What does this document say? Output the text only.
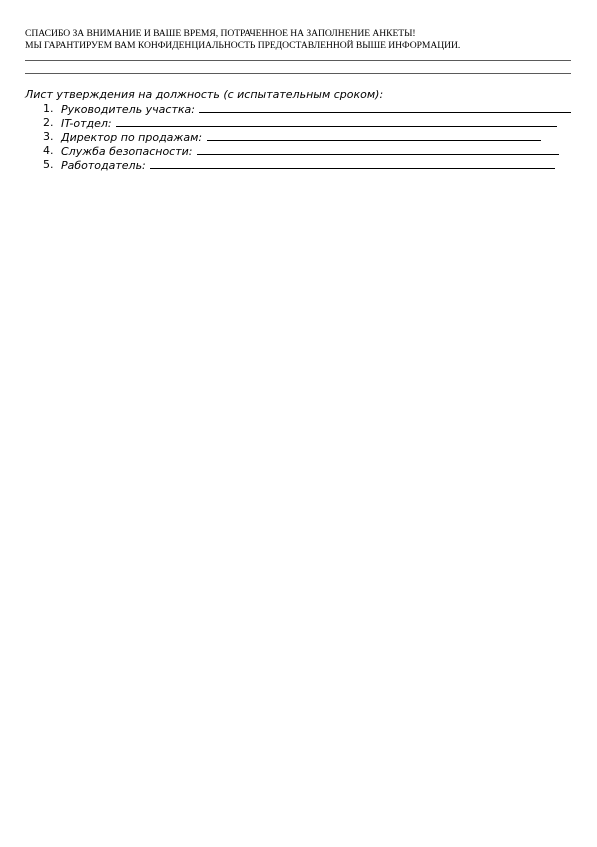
СПАСИБО ЗА ВНИМАНИЕ И ВАШЕ ВРЕМЯ, ПОТРАЧЕННОЕ НА ЗАПОЛНЕНИЕ АНКЕТЫ!
МЫ ГАРАНТИРУЕМ ВАМ КОНФИДЕНЦИАЛЬНОСТЬ ПРЕДОСТАВЛЕННОЙ ВЫШЕ ИНФОРМАЦИИ.
Лист утверждения на должность (с испытательным сроком):
1. Руководитель участка:
2. IT-отдел:
3. Директор по продажам:
4. Служба безопасности:
5. Работодатель:
